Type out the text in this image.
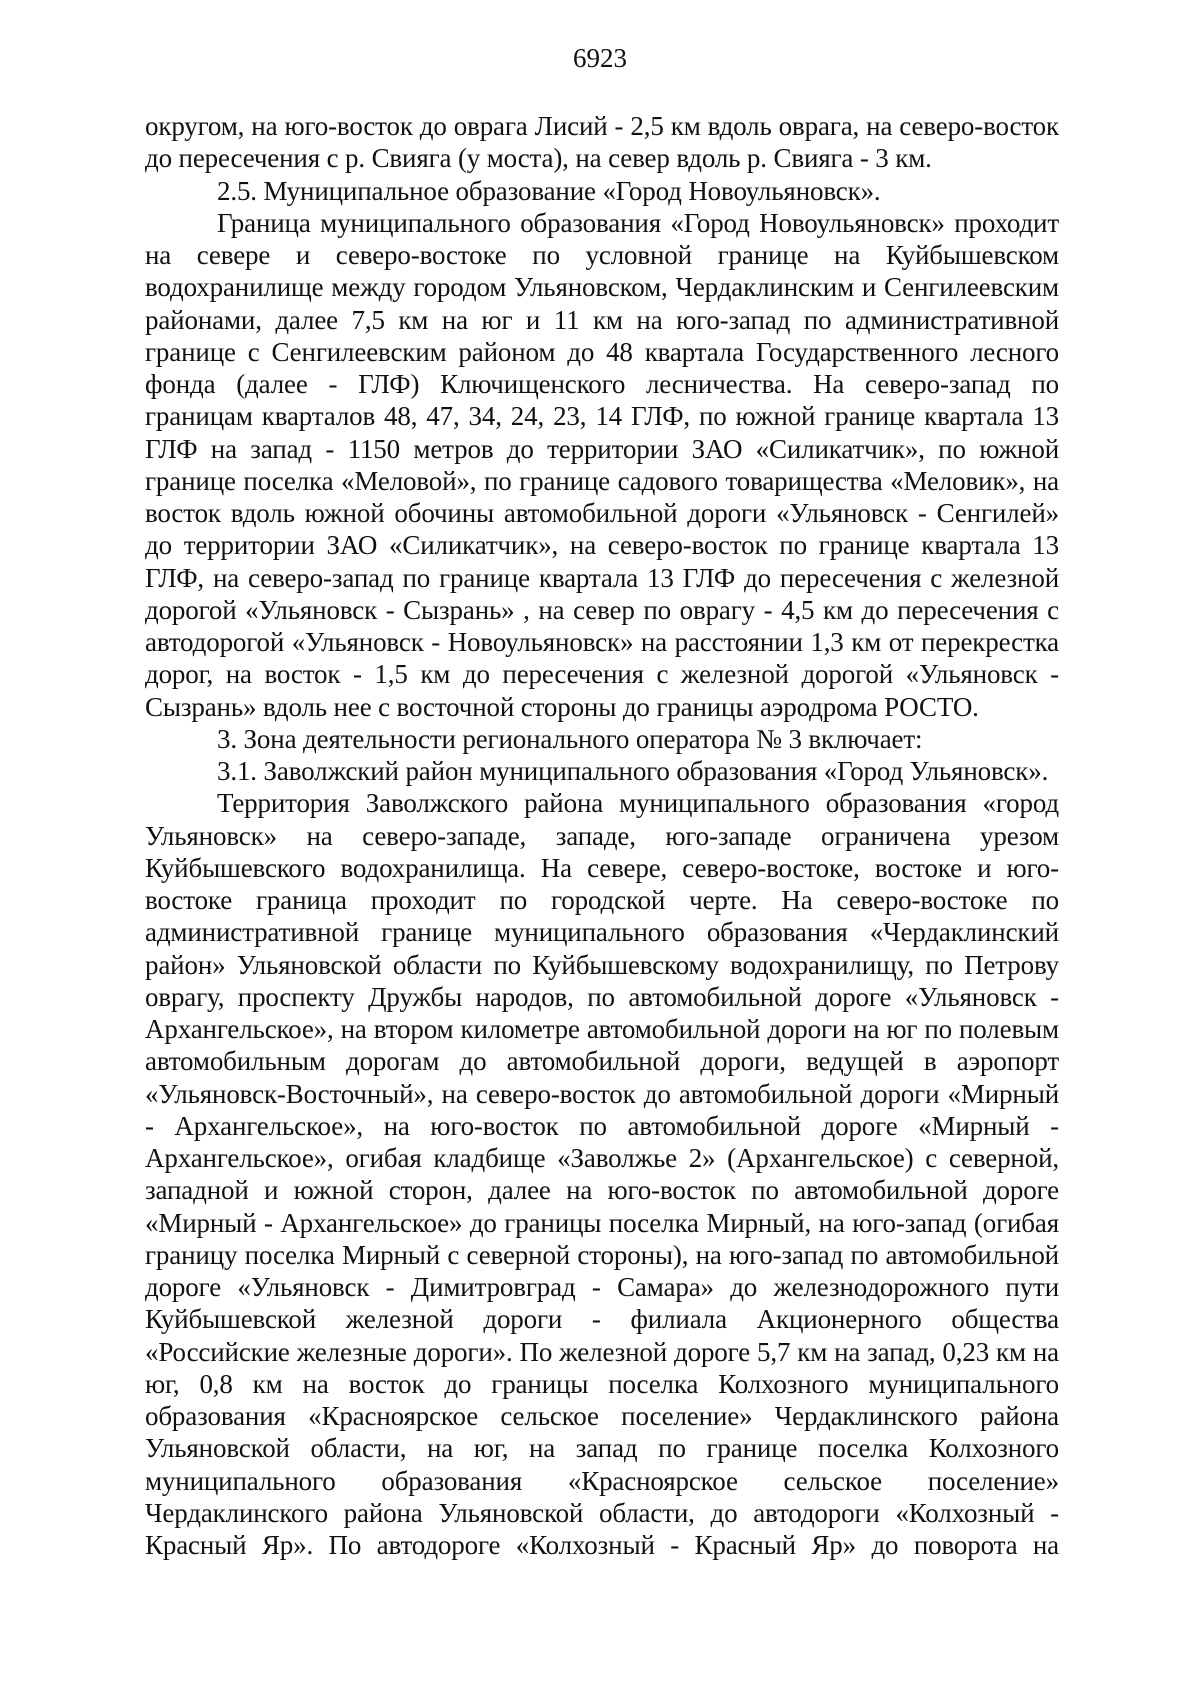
6923

округом, на юго-восток до оврага Лисий - 2,5 км вдоль оврага, на северо-восток до пересечения с р. Свияга (у моста), на север вдоль р. Свияга - 3 км.

2.5. Муниципальное образование «Город Новоульяновск».

Граница муниципального образования «Город Новоульяновск» проходит на севере и северо-востоке по условной границе на Куйбышевском водохранилище между городом Ульяновском, Чердаклинским и Сенгилеевским районами, далее 7,5 км на юг и 11 км на юго-запад по административной границе с Сенгилеевским районом до 48 квартала Государственного лесного фонда (далее - ГЛФ) Ключищенского лесничества. На северо-запад по границам кварталов 48, 47, 34, 24, 23, 14 ГЛФ, по южной границе квартала 13 ГЛФ на запад - 1150 метров до территории ЗАО «Силикатчик», по южной границе поселка «Меловой», по границе садового товарищества «Меловик», на восток вдоль южной обочины автомобильной дороги «Ульяновск - Сенгилей» до территории ЗАО «Силикатчик», на северо-восток по границе квартала 13 ГЛФ, на северо-запад по границе квартала 13 ГЛФ до пересечения с железной дорогой «Ульяновск - Сызрань» , на север по оврагу - 4,5 км до пересечения с автодорогой «Ульяновск - Новоульяновск» на расстоянии 1,3 км от перекрестка дорог, на восток - 1,5 км до пересечения с железной дорогой «Ульяновск - Сызрань» вдоль нее с восточной стороны до границы аэродрома РОСТО.

3. Зона деятельности регионального оператора № 3 включает:

3.1. Заволжский район муниципального образования «Город Ульяновск».

Территория Заволжского района муниципального образования «город Ульяновск» на северо-западе, западе, юго-западе ограничена урезом Куйбышевского водохранилища. На севере, северо-востоке, востоке и юго-востоке граница проходит по городской черте. На северо-востоке по административной границе муниципального образования «Чердаклинский район» Ульяновской области по Куйбышевскому водохранилищу, по Петрову оврагу, проспекту Дружбы народов, по автомобильной дороге «Ульяновск - Архангельское», на втором километре автомобильной дороги на юг по полевым автомобильным дорогам до автомобильной дороги, ведущей в аэропорт «Ульяновск-Восточный», на северо-восток до автомобильной дороги «Мирный - Архангельское», на юго-восток по автомобильной дороге «Мирный - Архангельское», огибая кладбище «Заволжье 2» (Архангельское) с северной, западной и южной сторон, далее на юго-восток по автомобильной дороге «Мирный - Архангельское» до границы поселка Мирный, на юго-запад (огибая границу поселка Мирный с северной стороны), на юго-запад по автомобильной дороге «Ульяновск - Димитровград - Самара» до железнодорожного пути Куйбышевской железной дороги - филиала Акционерного общества «Российские железные дороги». По железной дороге 5,7 км на запад, 0,23 км на юг, 0,8 км на восток до границы поселка Колхозного муниципального образования «Красноярское сельское поселение» Чердаклинского района Ульяновской области, на юг, на запад по границе поселка Колхозного муниципального образования «Красноярское сельское поселение» Чердаклинского района Ульяновской области, до автодороги «Колхозный - Красный Яр». По автодороге «Колхозный - Красный Яр» до поворота на
